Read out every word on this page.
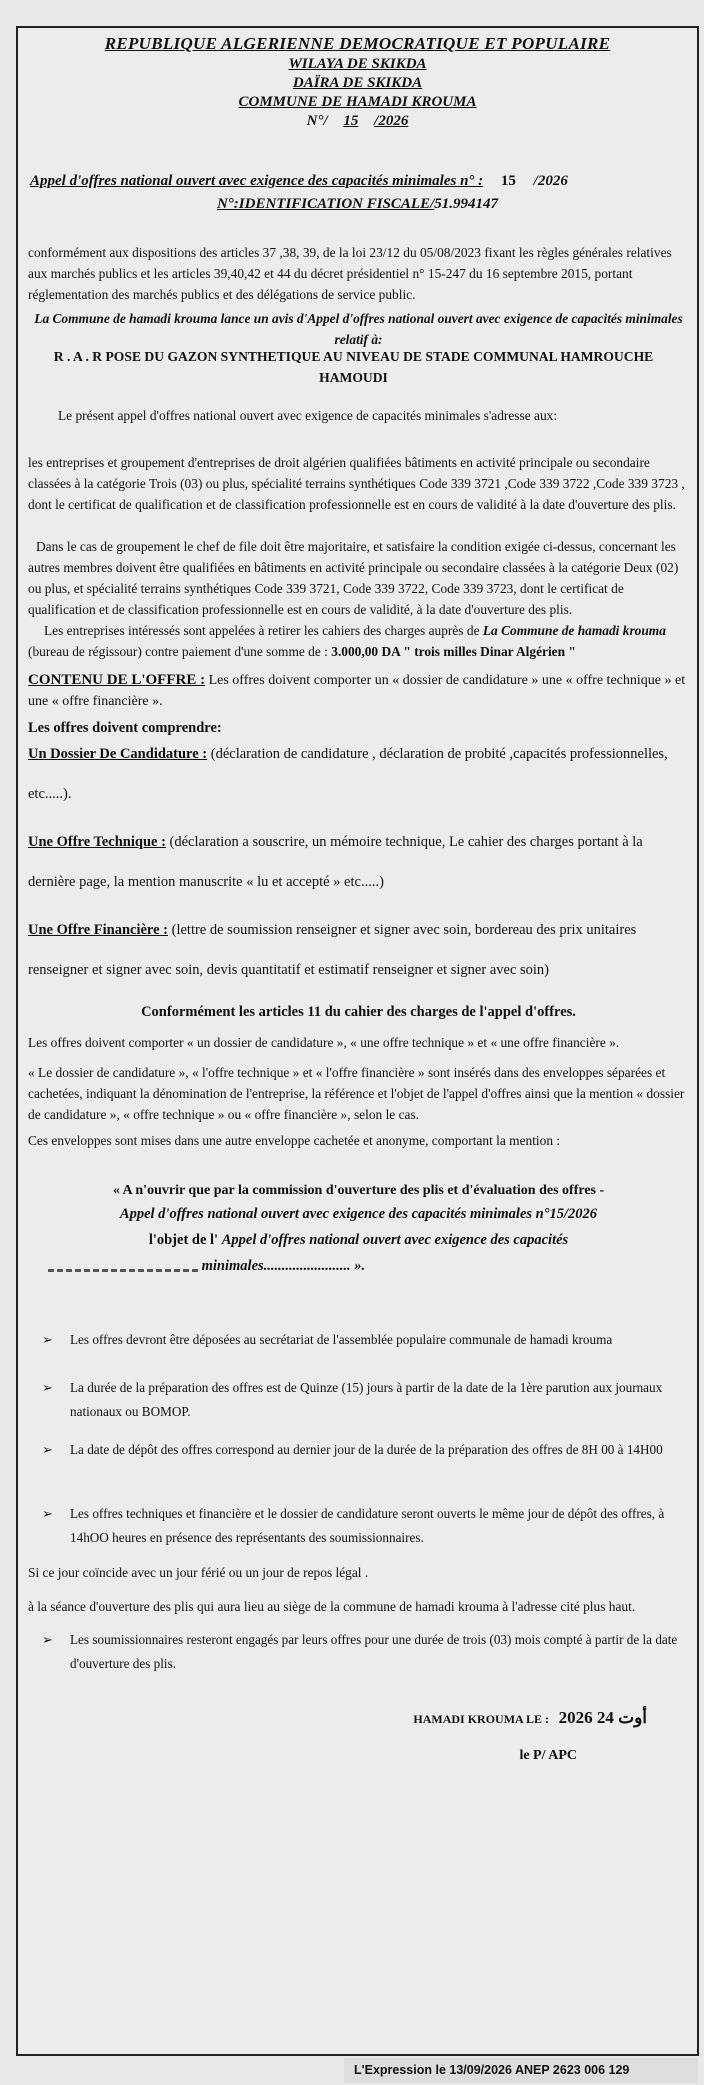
REPUBLIQUE ALGERIENNE DEMOCRATIQUE ET POPULAIRE
WILAYA DE SKIKDA
DAÏRA DE SKIKDA
COMMUNE DE HAMADI KROUMA
N°/ 15 /2026
Appel d'offres national ouvert avec exigence des capacités minimales n° : 15 /2026
N°:IDENTIFICATION FISCALE/51.994147
conformément aux dispositions des articles 37 ,38, 39, de la loi 23/12 du 05/08/2023 fixant les règles générales relatives aux marchés publics et les articles 39,40,42 et 44 du décret présidentiel n° 15-247 du 16 septembre 2015, portant réglementation des marchés publics et des délégations de service public.
La Commune de hamadi krouma lance un avis d'Appel d'offres national ouvert avec exigence de capacités minimales relatif à:
R . A . R POSE DU GAZON SYNTHETIQUE AU NIVEAU DE STADE COMMUNAL HAMROUCHE HAMOUDI
Le présent appel d'offres national ouvert avec exigence de capacités minimales s'adresse aux:
les entreprises et groupement d'entreprises de droit algérien qualifiées bâtiments en activité principale ou secondaire classées à la catégorie Trois (03) ou plus, spécialité terrains synthétiques Code 339 3721 ,Code 339 3722 ,Code 339 3723 , dont le certificat de qualification et de classification professionnelle est en cours de validité à la date d'ouverture des plis.
Dans le cas de groupement le chef de file doit être majoritaire, et satisfaire la condition exigée ci-dessus, concernant les autres membres doivent être qualifiées en bâtiments en activité principale ou secondaire classées à la catégorie Deux (02) ou plus, et spécialité terrains synthétiques Code 339 3721, Code 339 3722, Code 339 3723, dont le certificat de qualification et de classification professionnelle est en cours de validité, à la date d'ouverture des plis.
Les entreprises intéressés sont appelées à retirer les cahiers des charges auprès de La Commune de hamadi krouma (bureau de régissour) contre paiement d'une somme de : 3.000,00 DA " trois milles Dinar Algérien "
CONTENU DE L'OFFRE : Les offres doivent comporter un « dossier de candidature » une « offre technique » et une « offre financière ».
Les offres doivent comprendre:
Un Dossier De Candidature : (déclaration de candidature , déclaration de probité ,capacités professionnelles, etc.....).
Une Offre Technique : (déclaration a souscrire, un mémoire technique, Le cahier des charges portant à la dernière page, la mention manuscrite « lu et accepté » etc.....)
Une Offre Financière : (lettre de soumission renseigner et signer avec soin, bordereau des prix unitaires renseigner et signer avec soin, devis quantitatif et estimatif renseigner et signer avec soin)
Conformément les articles 11 du cahier des charges de l'appel d'offres.
Les offres doivent comporter « un dossier de candidature », « une offre technique » et « une offre financière ».
« Le dossier de candidature », « l'offre technique » et « l'offre financière » sont insérés dans des enveloppes séparées et cachetées, indiquant la dénomination de l'entreprise, la référence et l'objet de l'appel d'offres ainsi que la mention « dossier de candidature », « offre technique » ou « offre financière », selon le cas.
Ces enveloppes sont mises dans une autre enveloppe cachetée et anonyme, comportant la mention :
« A n'ouvrir que par la commission d'ouverture des plis et d'évaluation des offres -
Appel d'offres national ouvert avec exigence des capacités minimales n°15/2026
l'objet de l' Appel d'offres national ouvert avec exigence des capacités
minimales........................ ».
➢ Les offres devront être déposées au secrétariat de l'assemblée populaire communale de hamadi krouma
➢ La durée de la préparation des offres est de Quinze (15) jours à partir de la date de la 1ère parution aux journaux nationaux ou BOMOP.
➢ La date de dépôt des offres correspond au dernier jour de la durée de la préparation des offres de 8H 00 à 14H00
➢ Les offres techniques et financière et le dossier de candidature seront ouverts le même jour de dépôt des offres, à 14hOO heures en présence des représentants des soumissionnaires.
Si ce jour coïncide avec un jour férié ou un jour de repos légal .
à la séance d'ouverture des plis qui aura lieu au siège de la commune de hamadi krouma à l'adresse cité plus haut.
➢ Les soumissionnaires resteront engagés par leurs offres pour une durée de trois (03) mois compté à partir de la date d'ouverture des plis.
HAMADI KROUMA LE : 2026 أوت 24
le P/ APC
L'Expression le 13/09/2026 ANEP 2623 006 129
